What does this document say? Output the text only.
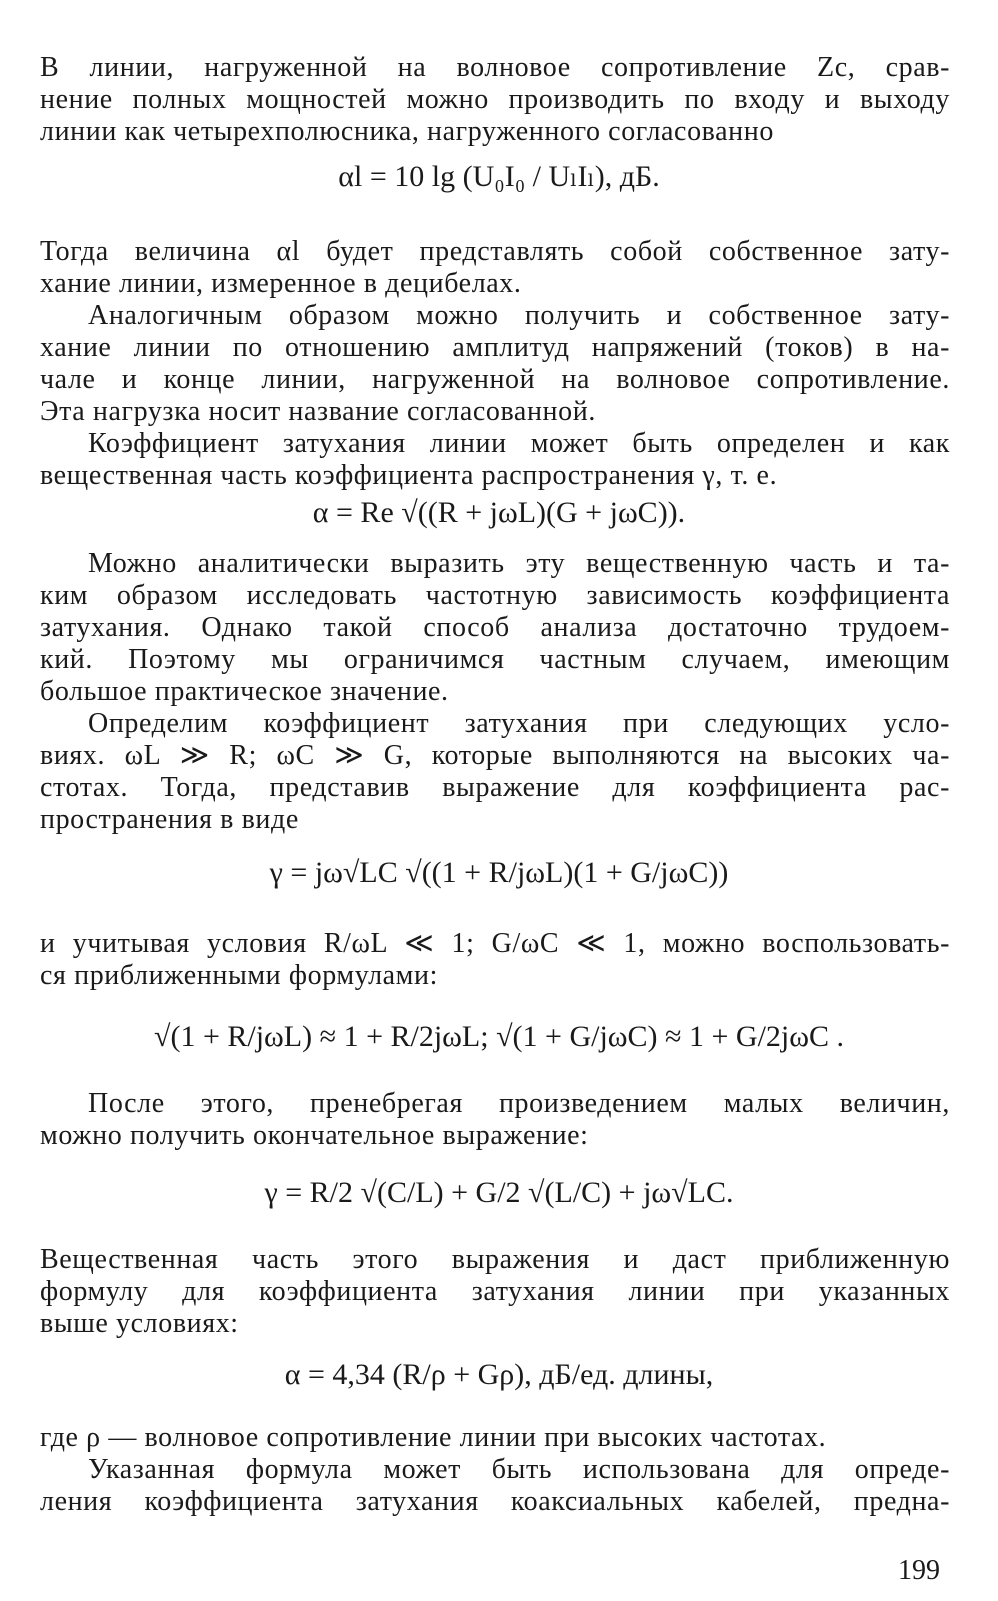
В линии, нагруженной на волновое сопротивление Zc, срав-
нение полных мощностей можно производить по входу и выходу
линии как четырехполюсника, нагруженного согласованно
αl = 10 lg (U₀I₀ / UₗIₗ), дБ.
Тогда величина αl будет представлять собой собственное зату-
хание линии, измеренное в децибелах.
Аналогичным образом можно получить и собственное зату-
хание линии по отношению амплитуд напряжений (токов) в на-
чале и конце линии, нагруженной на волновое сопротивление.
Эта нагрузка носит название согласованной.
Коэффициент затухания линии может быть определен и как
вещественная часть коэффициента распространения γ, т. е.
α = Re √((R + jωL)(G + jωC)).
Можно аналитически выразить эту вещественную часть и та-
ким образом исследовать частотную зависимость коэффициента
затухания. Однако такой способ анализа достаточно трудоем-
кий. Поэтому мы ограничимся частным случаем, имеющим
большое практическое значение.
Определим коэффициент затухания при следующих усло-
виях. ωL ≫ R; ωC ≫ G, которые выполняются на высоких ча-
стотах. Тогда, представив выражение для коэффициента рас-
пространения в виде
γ = jω√LC √((1 + R/jωL)(1 + G/jωC))
и учитывая условия R/ωL ≪ 1; G/ωC ≪ 1, можно воспользовать-
ся приближенными формулами:
√(1 + R/jωL) ≈ 1 + R/2jωL; √(1 + G/jωC) ≈ 1 + G/2jωC .
После этого, пренебрегая произведением малых величин,
можно получить окончательное выражение:
γ = R/2 √(C/L) + G/2 √(L/C) + jω√LC.
Вещественная часть этого выражения и даст приближенную
формулу для коэффициента затухания линии при указанных
выше условиях:
α = 4,34 (R/ρ + Gρ), дБ/ед. длины,
где ρ — волновое сопротивление линии при высоких частотах.
Указанная формула может быть использована для опреде-
ления коэффициента затухания коаксиальных кабелей, предна-
199
